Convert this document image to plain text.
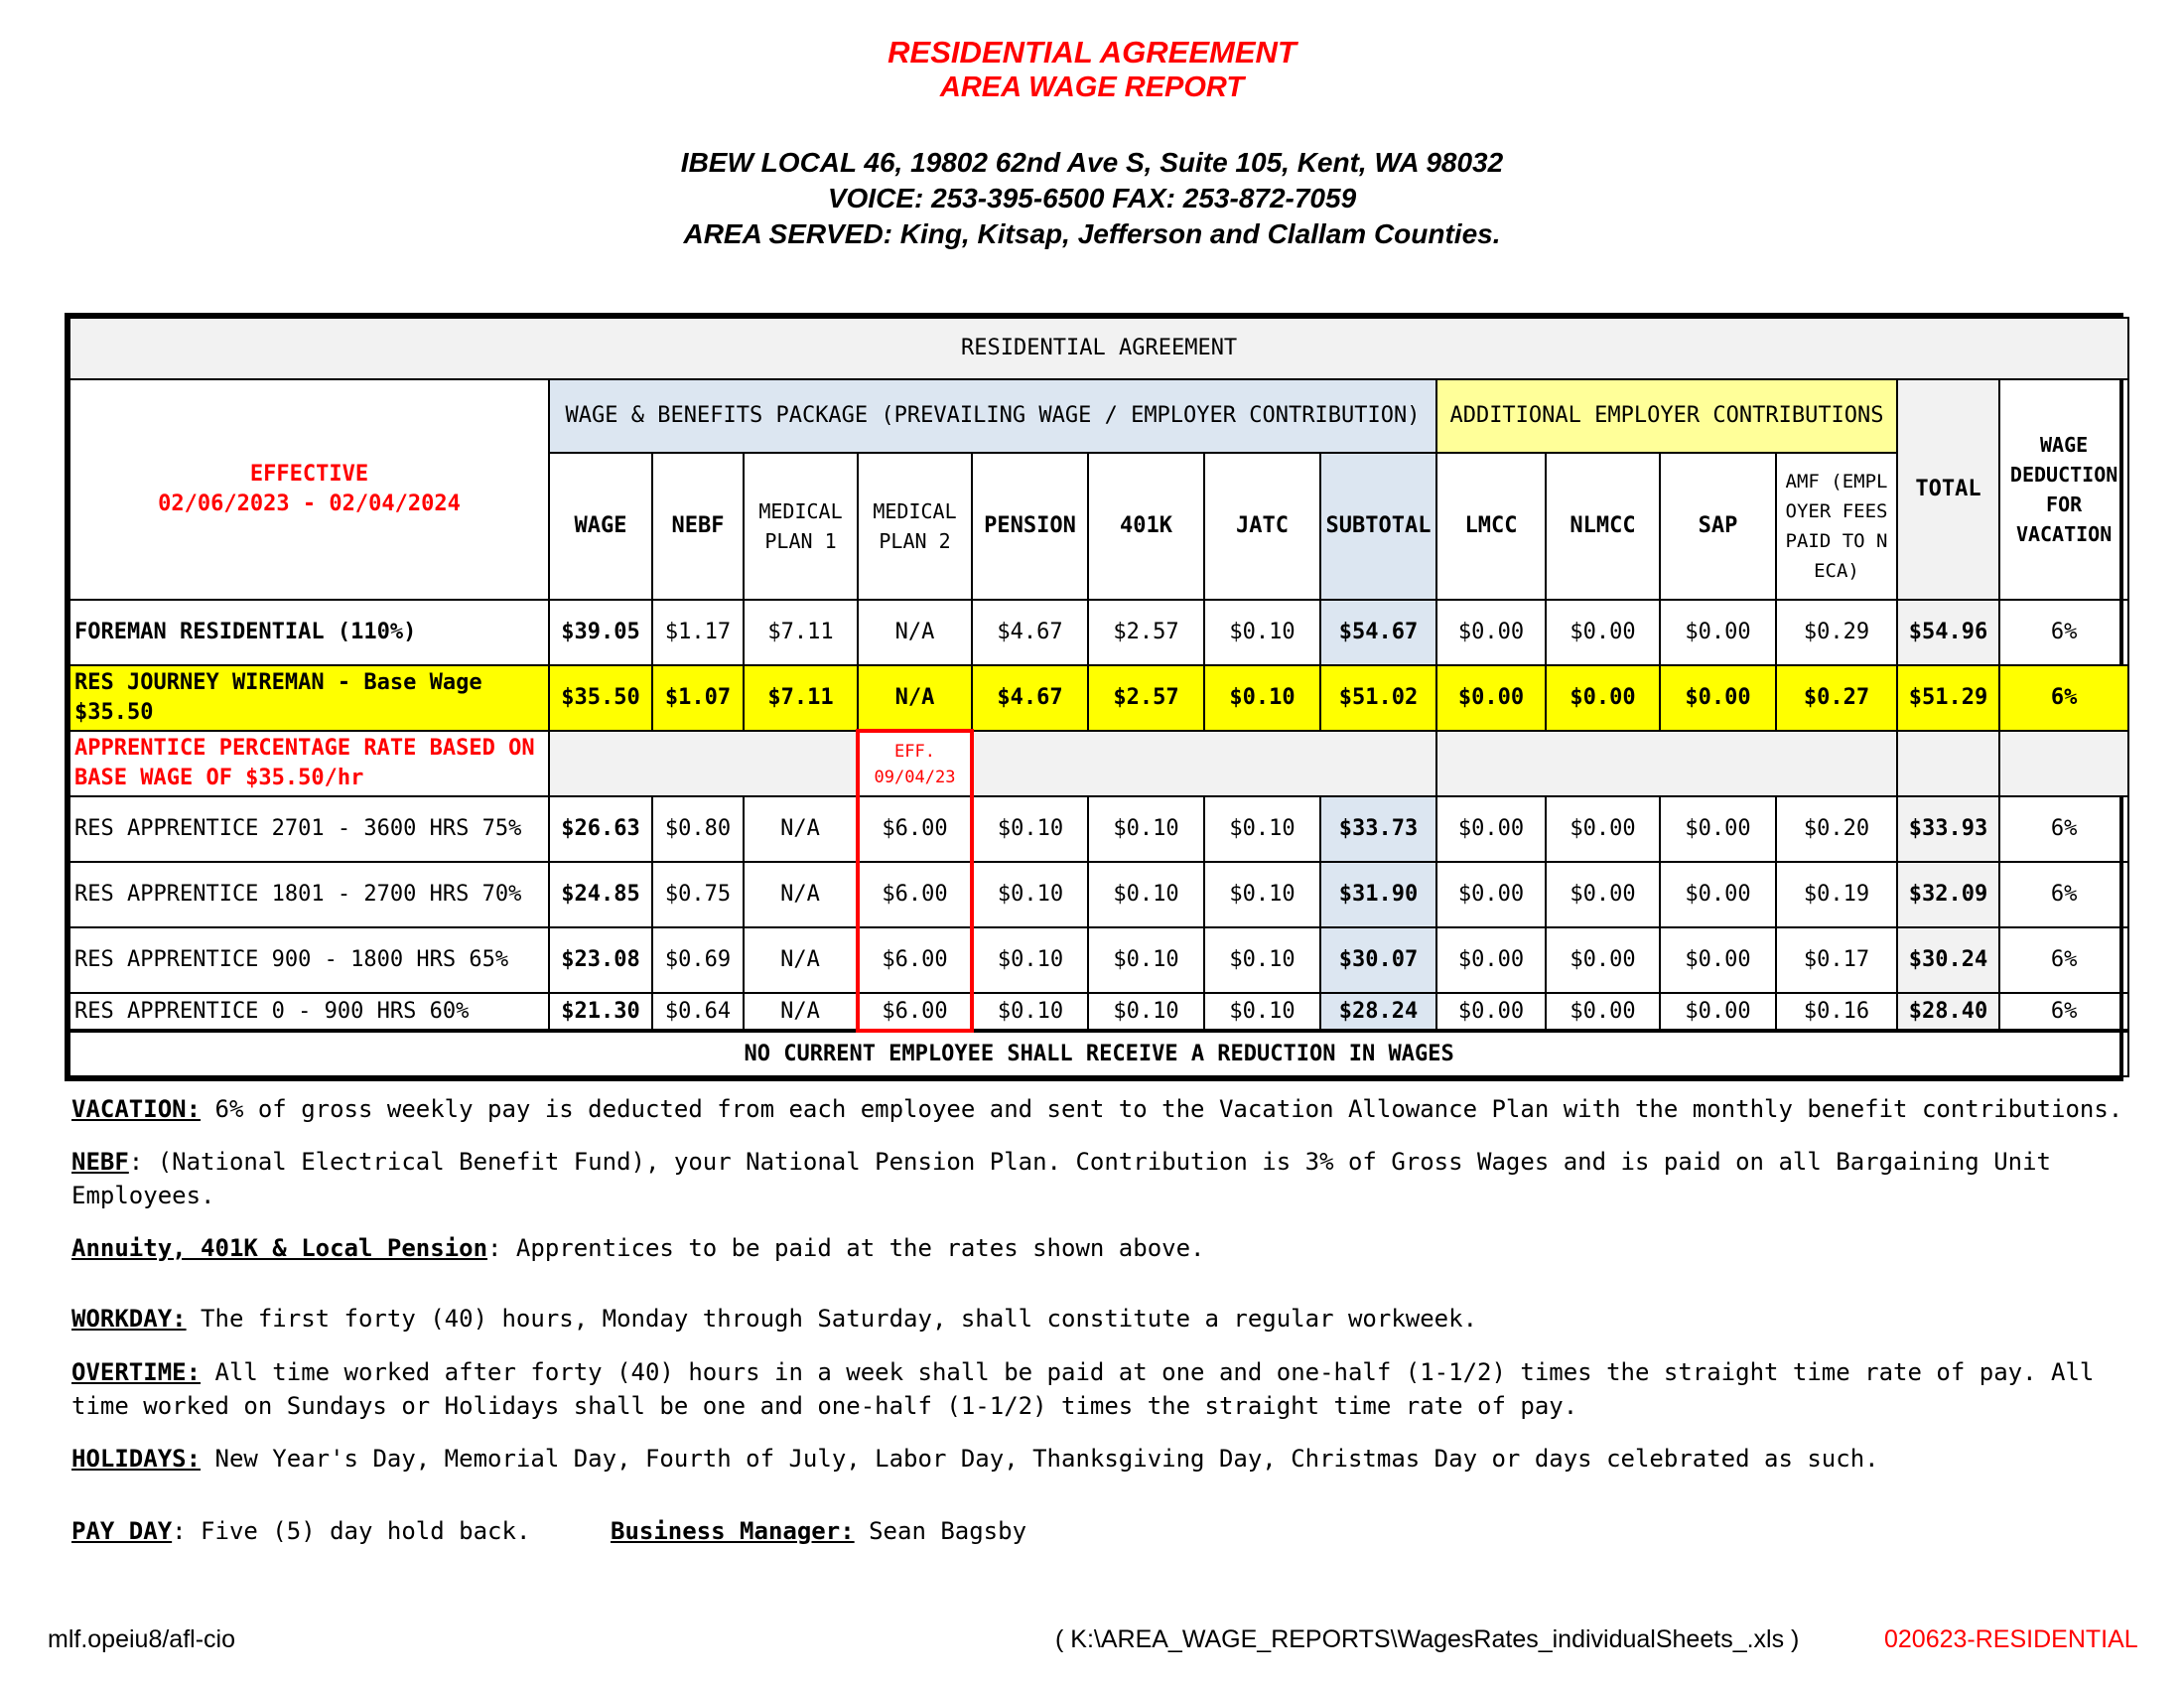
RESIDENTIAL AGREEMENT
AREA WAGE REPORT
IBEW LOCAL 46, 19802 62nd Ave S, Suite 105, Kent, WA 98032
VOICE: 253-395-6500 FAX: 253-872-7059
AREA SERVED: King, Kitsap, Jefferson and Clallam Counties.
RESIDENTIAL AGREEMENT														

EFFECTIVE
02/06/2023 - 02/04/2024	WAGE & BENEFITS PACKAGE (PREVAILING WAGE / EMPLOYER CONTRIBUTION)								ADDITIONAL EMPLOYER CONTRIBUTIONS				TOTAL	WAGE DEDUCTION FOR VACATION
	WAGE	NEBF	MEDICAL PLAN 1	MEDICAL PLAN 2	PENSION	401K	JATC	SUBTOTAL	LMCC	NLMCC	SAP	AMF (EMPLOYER FEES PAID TO NECA)		
FOREMAN RESIDENTIAL (110%)	$39.05	$1.17	$7.11	N/A	$4.67	$2.57	$0.10	$54.67	$0.00	$0.00	$0.00	$0.29	$54.96	6%
RES JOURNEY WIREMAN - Base Wage $35.50	$35.50	$1.07	$7.11	N/A	$4.67	$2.57	$0.10	$51.02	$0.00	$0.00	$0.00	$0.27	$51.29	6%
APPRENTICE PERCENTAGE RATE BASED ON BASE WAGE OF $35.50/hr				EFF. 09/04/23										
RES APPRENTICE 2701 - 3600 HRS 75%	$26.63	$0.80	N/A	$6.00	$0.10	$0.10	$0.10	$33.73	$0.00	$0.00	$0.00	$0.20	$33.93	6%
RES APPRENTICE 1801 - 2700 HRS 70%	$24.85	$0.75	N/A	$6.00	$0.10	$0.10	$0.10	$31.90	$0.00	$0.00	$0.00	$0.19	$32.09	6%
RES APPRENTICE 900 - 1800 HRS 65%	$23.08	$0.69	N/A	$6.00	$0.10	$0.10	$0.10	$30.07	$0.00	$0.00	$0.00	$0.17	$30.24	6%
RES APPRENTICE 0 - 900 HRS 60%	$21.30	$0.64	N/A	$6.00	$0.10	$0.10	$0.10	$28.24	$0.00	$0.00	$0.00	$0.16	$28.40	6%
NO CURRENT EMPLOYEE SHALL RECEIVE A REDUCTION IN WAGES														
VACATION: 6% of gross weekly pay is deducted from each employee and sent to the Vacation Allowance Plan with the monthly benefit contributions.
NEBF: (National Electrical Benefit Fund), your National Pension Plan. Contribution is 3% of Gross Wages and is paid on all Bargaining Unit Employees.
Annuity, 401K & Local Pension: Apprentices to be paid at the rates shown above.
WORKDAY: The first forty (40) hours, Monday through Saturday, shall constitute a regular workweek.
OVERTIME: All time worked after forty (40) hours in a week shall be paid at one and one-half (1-1/2) times the straight time rate of pay. All time worked on Sundays or Holidays shall be one and one-half (1-1/2) times the straight time rate of pay.
HOLIDAYS: New Year's Day, Memorial Day, Fourth of July, Labor Day, Thanksgiving Day, Christmas Day or days celebrated as such.
PAY DAY: Five (5) day hold back.	Business Manager: Sean Bagsby
mlf.opeiu8/afl-cio	( K:\AREA_WAGE_REPORTS\WagesRates_individualSheets_.xls )	020623-RESIDENTIAL
